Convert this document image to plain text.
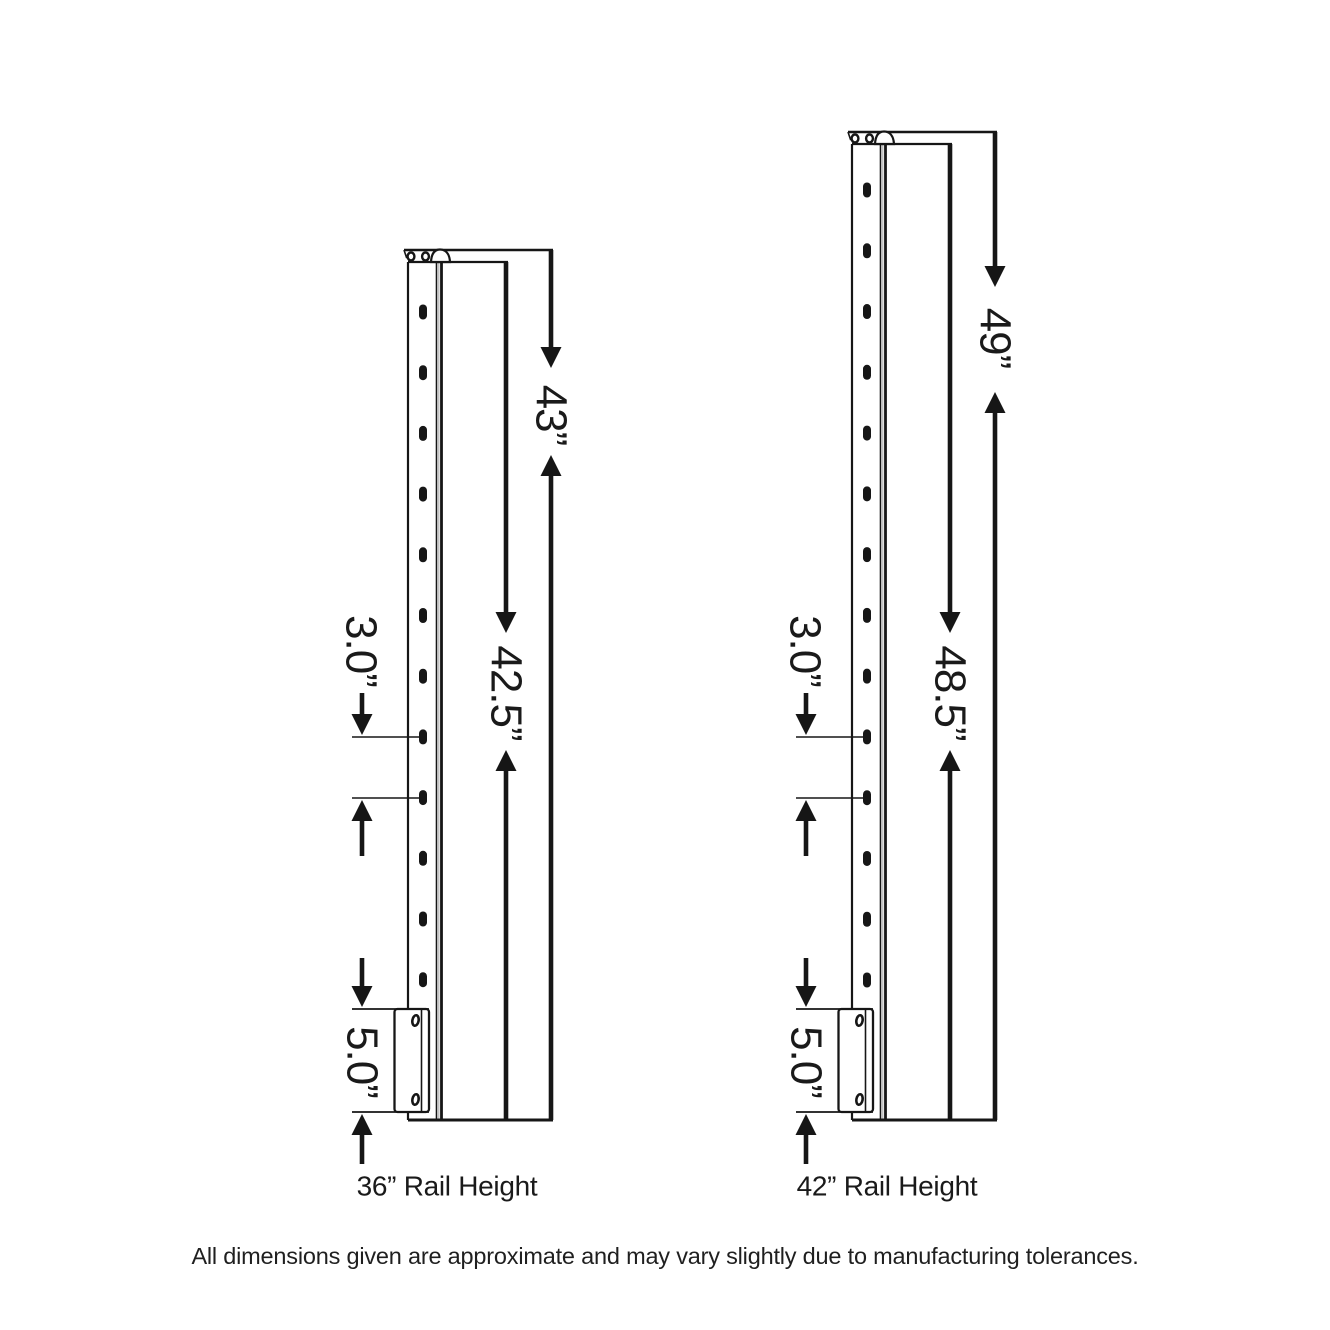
43”
42.5”
3.0”
5.0”
36” Rail Height
49”
48.5”
3.0”
5.0”
42” Rail Height
All dimensions given are approximate and may vary slightly due to manufacturing tolerances.
